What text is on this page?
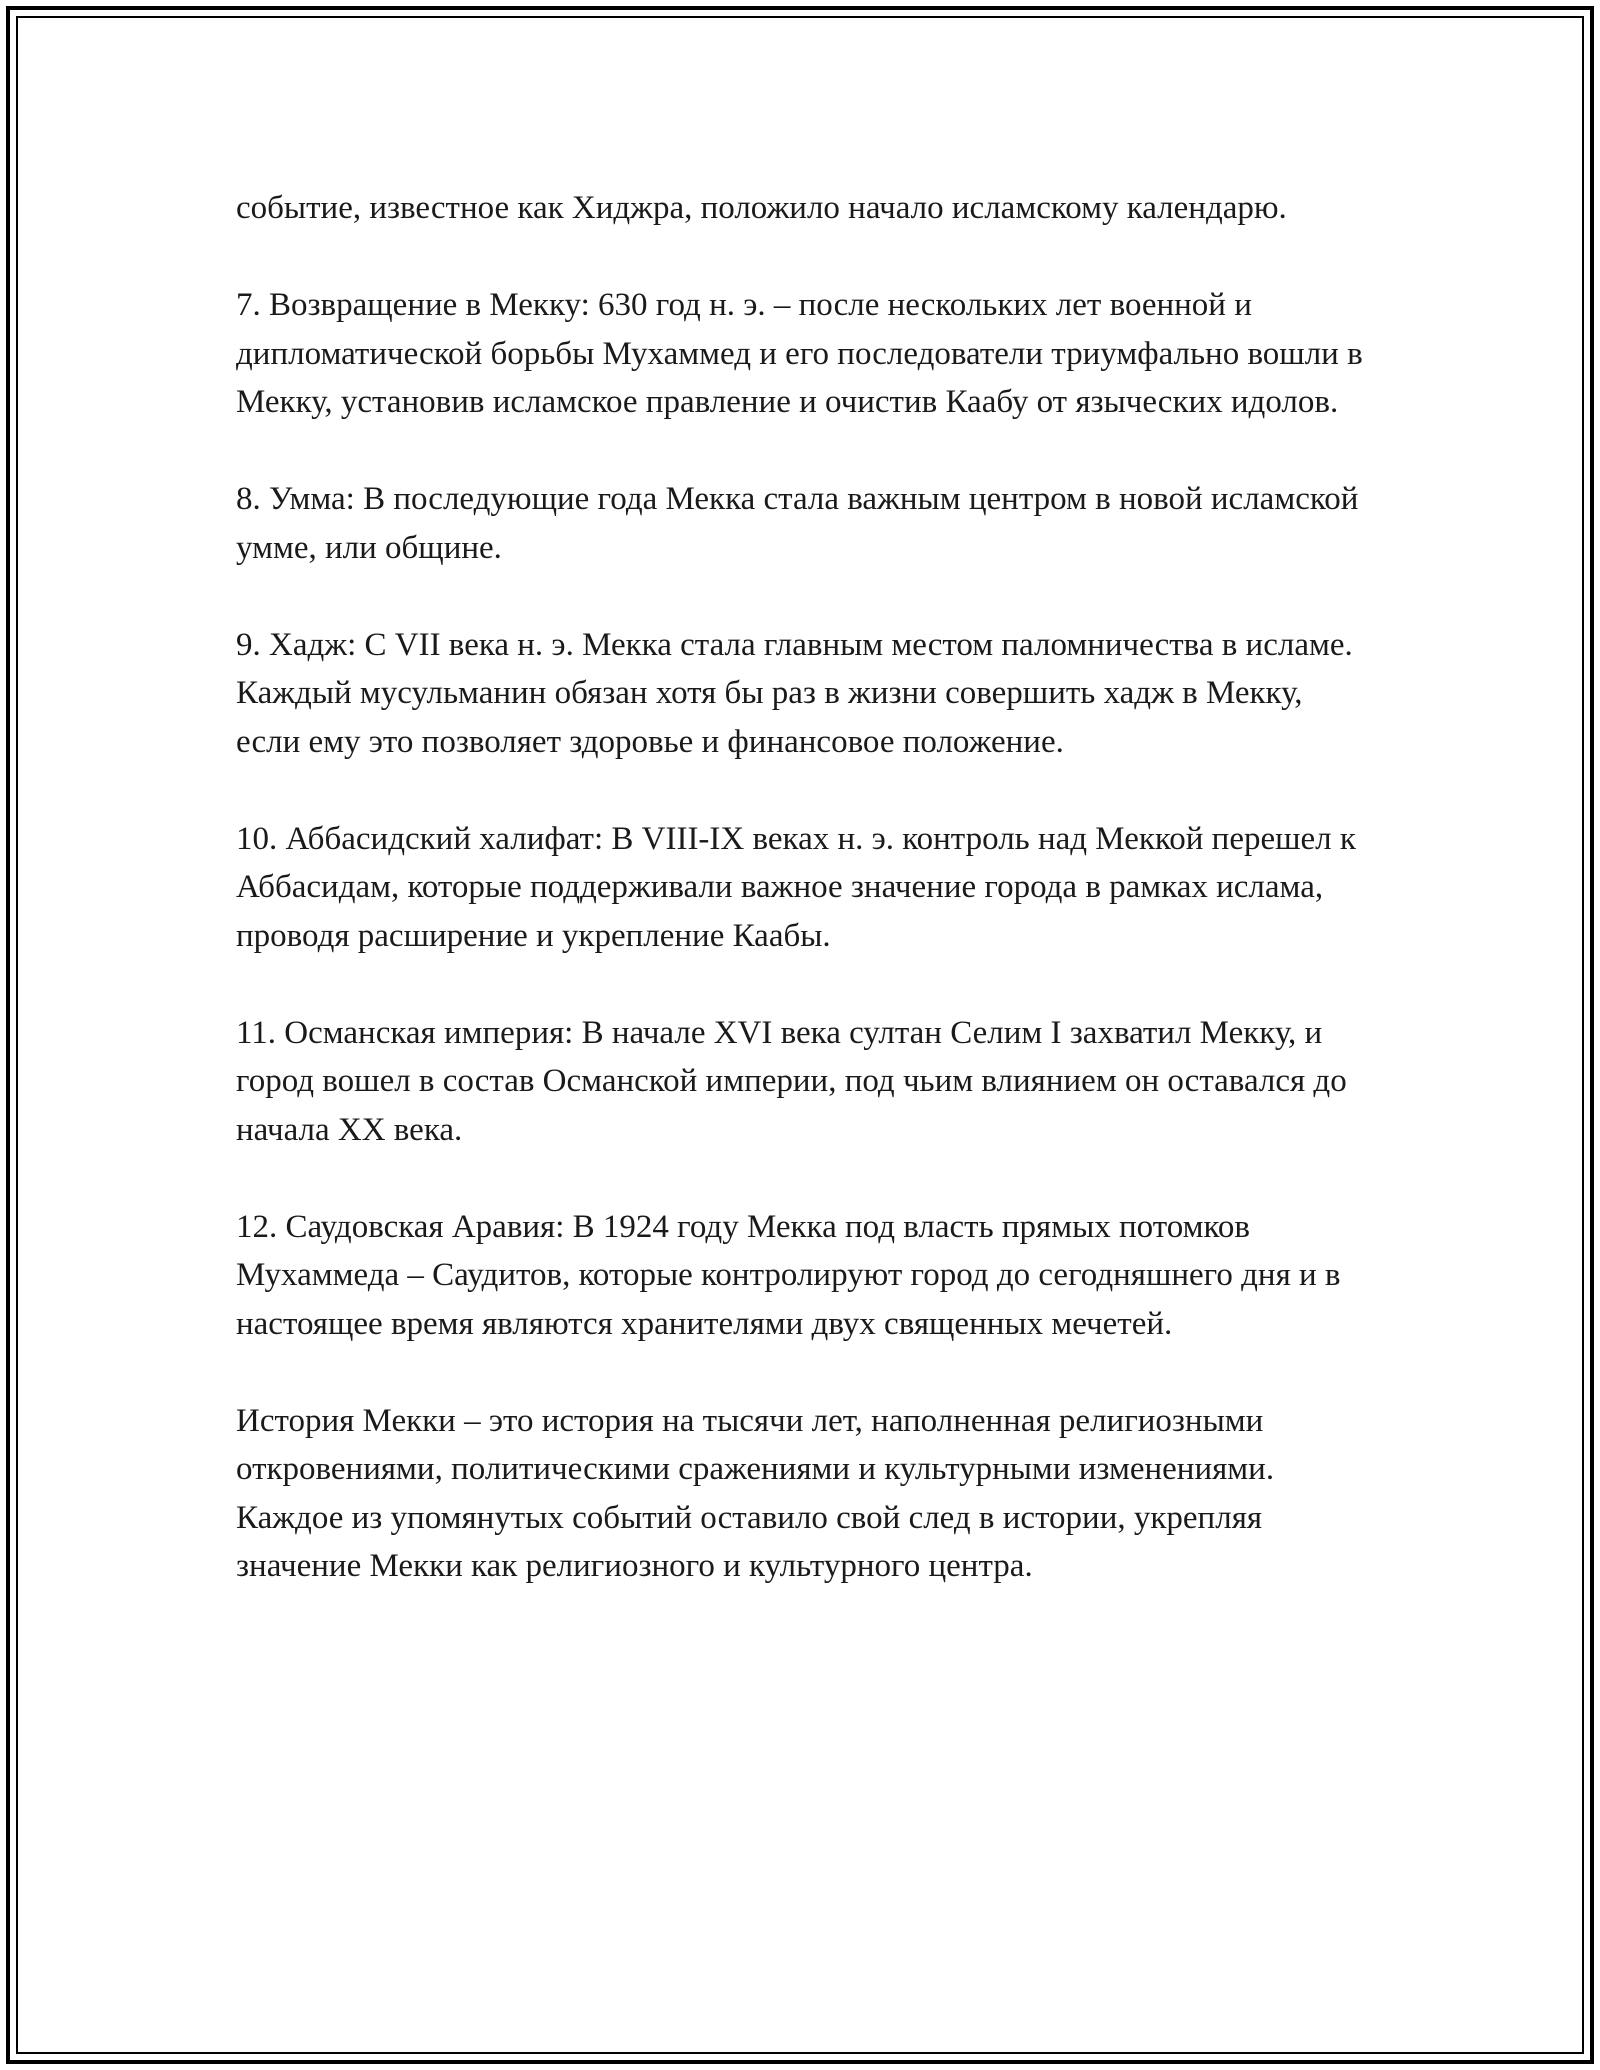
событие, известное как Хиджра, положило начало исламскому календарю.

7. Возвращение в Мекку: 630 год н. э. – после нескольких лет военной и дипломатической борьбы Мухаммед и его последователи триумфально вошли в Мекку, установив исламское правление и очистив Каабу от языческих идолов.

8. Умма: В последующие года Мекка стала важным центром в новой исламской умме, или общине.

9. Хадж: С VII века н. э. Мекка стала главным местом паломничества в исламе. Каждый мусульманин обязан хотя бы раз в жизни совершить хадж в Мекку, если ему это позволяет здоровье и финансовое положение.

10. Аббасидский халифат: В VIII-IX веках н. э. контроль над Меккой перешел к Аббасидам, которые поддерживали важное значение города в рамках ислама, проводя расширение и укрепление Каабы.

11. Османская империя: В начале XVI века султан Селим I захватил Мекку, и город вошел в состав Османской империи, под чьим влиянием он оставался до начала XX века.

12. Саудовская Аравия: В 1924 году Мекка под власть прямых потомков Мухаммеда – Саудитов, которые контролируют город до сегодняшнего дня и в настоящее время являются хранителями двух священных мечетей.

История Мекки – это история на тысячи лет, наполненная религиозными откровениями, политическими сражениями и культурными изменениями. Каждое из упомянутых событий оставило свой след в истории, укрепляя значение Мекки как религиозного и культурного центра.
